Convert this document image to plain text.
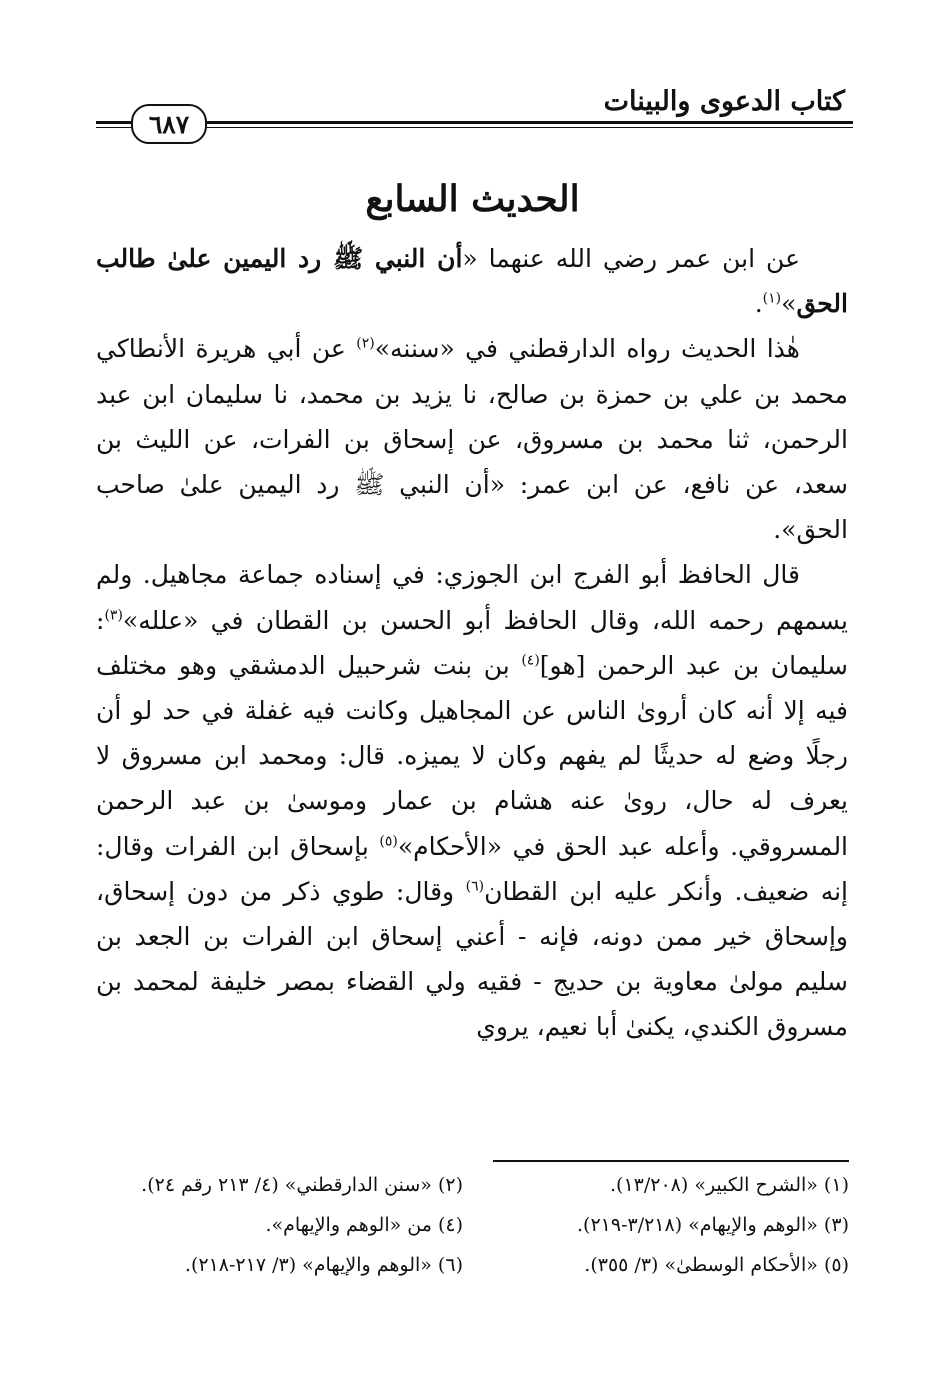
كتاب الدعوى والبينات
٦٨٧
الحديث السابع

عن ابن عمر رضي الله عنهما «أن النبي ﷺ رد اليمين علىٰ طالب الحق»$^{(١)}$.

هٰذا الحديث رواه الدارقطني في «سننه»$^{(٢)}$ عن أبي هريرة الأنطاكي محمد بن علي بن حمزة بن صالح، نا يزيد بن محمد، نا سليمان ابن عبد الرحمن، ثنا محمد بن مسروق، عن إسحاق بن الفرات، عن الليث بن سعد، عن نافع، عن ابن عمر: «أن النبي ﷺ رد اليمين علىٰ صاحب الحق».

قال الحافظ أبو الفرج ابن الجوزي: في إسناده جماعة مجاهيل. ولم يسمهم رحمه الله، وقال الحافظ أبو الحسن بن القطان في «علله»$^{(٣)}$: سليمان بن عبد الرحمن [هو]$^{(٤)}$ بن بنت شرحبيل الدمشقي وهو مختلف فيه إلا أنه كان أروىٰ الناس عن المجاهيل وكانت فيه غفلة في حد لو أن رجلًا وضع له حديثًا لم يفهم وكان لا يميزه. قال: ومحمد ابن مسروق لا يعرف له حال، روىٰ عنه هشام بن عمار وموسىٰ بن عبد الرحمن المسروقي. وأعله عبد الحق في «الأحكام»$^{(٥)}$ بإسحاق ابن الفرات وقال: إنه ضعيف. وأنكر عليه ابن القطان$^{(٦)}$ وقال: طوي ذكر من دون إسحاق، وإسحاق خير ممن دونه، فإنه - أعني إسحاق ابن الفرات بن الجعد بن سليم مولىٰ معاوية بن حديج - فقيه ولي القضاء بمصر خليفة لمحمد بن مسروق الكندي، يكنىٰ أبا نعيم، يروي

(١) «الشرح الكبير» (١٣/٢٠٨).
(٢) «سنن الدارقطني» (٤/ ٢١٣ رقم ٢٤).
(٣) «الوهم والإيهام» (٣/٢١٨-٢١٩).
(٤) من «الوهم والإيهام».
(٥) «الأحكام الوسطىٰ» (٣/ ٣٥٥).
(٦) «الوهم والإيهام» (٣/ ٢١٧-٢١٨).
